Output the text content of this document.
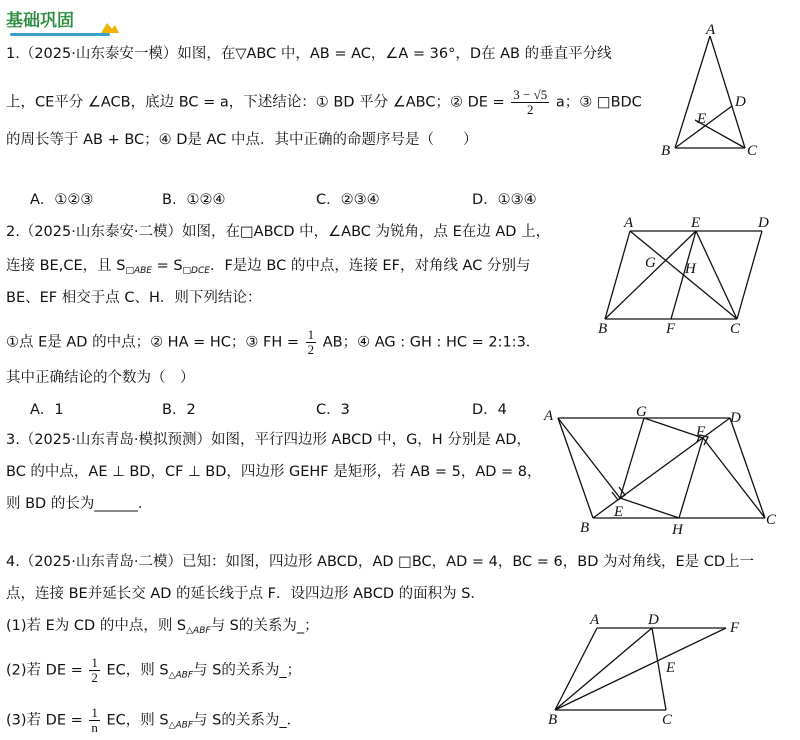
基础巩固
1.（2025·山东泰安一模）如图，在▽ABC 中，AB = AC，∠A = 36°，D在 AB 的垂直平分线
上，CE平分 ∠ACB，底边 BC = a，下述结论：① BD 平分 ∠ABC；② DE = $\frac{3 - √5}{2}$ a；③ □BDC
的周长等于 AB + BC；④ D是 AC 中点．其中正确的命题序号是（　　）
A．①②③	B．①②④	C．②③④	D．①③④
A
B	C
D
E
2.（2025·山东泰安·二模）如图，在□ABCD 中，∠ABC 为锐角，点 E在边 AD 上，
连接 BE,CE，且 $S_{□ABE} = S_{□DCE}$．F是边 BC 的中点，连接 EF，对角线 AC 分别与
BE、EF 相交于点 C、H．则下列结论：
①点 E是 AD 的中点；② HA = HC；③ FH = $\frac{1}{2}$ AB；④ AG : GH : HC = 2:1:3．
其中正确结论的个数为（　）
A．1	B．2	C．3	D．4
A	E	D
G H
B	F	C
3.（2025·山东青岛·模拟预测）如图，平行四边形 ABCD 中，G，H 分别是 AD，
BC 的中点，AE ⊥ BD，CF ⊥ BD，四边形 GEHF 是矩形，若 AB = 5，AD = 8，
则 BD 的长为______．
A	G	D
F
E
B	H
C
4.（2025·山东青岛·二模）已知：如图，四边形 ABCD，AD □BC，AD = 4，BC = 6，BD 为对角线，E是 CD上一
点，连接 BE并延长交 AD 的延长线于点 F．设四边形 ABCD 的面积为 S．
(1)若 E为 CD 的中点，则 $S_{\triangle ABF}$与 S的关系为_；
(2)若 DE = $\frac{1}{2}$ EC，则 $S_{\triangle ABF}$与 S的关系为_；
(3)若 DE = $\frac{1}{n}$ EC，则 $S_{\triangle ABF}$与 S的关系为_．
A	D	F
E
B	C
